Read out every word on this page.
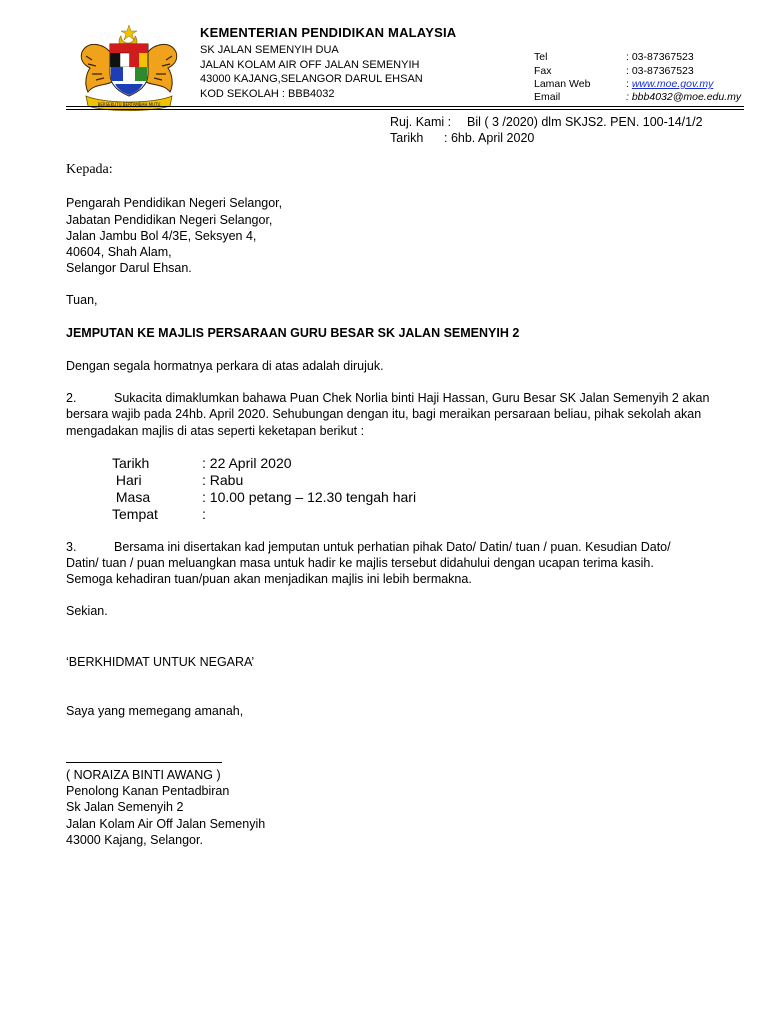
BERSEKUTU BERTAMBAH MUTU
KEMENTERIAN PENDIDIKAN MALAYSIA
SK JALAN SEMENYIH DUA
JALAN KOLAM AIR OFF JALAN SEMENYIH
43000 KAJANG,SELANGOR DARUL EHSAN
KOD SEKOLAH : BBB4032
Tel	: 03-87367523
Fax	: 03-87367523
Laman Web	: www.moe.gov.my
Email	: bbb4032@moe.edu.my
Ruj. Kami : Bil ( 3 /2020) dlm SKJS2. PEN. 100-14/1/2
Tarikh : 6hb. April 2020
Kepada:
Pengarah Pendidikan Negeri Selangor,
Jabatan Pendidikan Negeri Selangor,
Jalan Jambu Bol 4/3E, Seksyen 4,
40604, Shah Alam,
Selangor Darul Ehsan.
Tuan,
JEMPUTAN KE MAJLIS PERSARAAN GURU BESAR SK JALAN SEMENYIH 2
Dengan segala hormatnya perkara di atas adalah dirujuk.
2.	Sukacita dimaklumkan bahawa Puan Chek Norlia binti Haji Hassan, Guru Besar SK Jalan Semenyih 2 akan
bersara wajib pada 24hb. April 2020. Sehubungan dengan itu, bagi meraikan persaraan beliau, pihak sekolah akan
mengadakan majlis di atas seperti keketapan berikut :
Tarikh	: 22 April 2020
Hari	: Rabu
Masa	: 10.00 petang – 12.30 tengah hari
Tempat	:
3.	Bersama ini disertakan kad jemputan untuk perhatian pihak Dato/ Datin/ tuan / puan. Kesudian Dato/
Datin/ tuan / puan meluangkan masa untuk hadir ke majlis tersebut didahului dengan ucapan terima kasih.
Semoga kehadiran tuan/puan akan menjadikan majlis ini lebih bermakna.
Sekian.
‘BERKHIDMAT UNTUK NEGARA’
Saya yang memegang amanah,
( NORAIZA BINTI AWANG )
Penolong Kanan Pentadbiran
Sk Jalan Semenyih 2
Jalan Kolam Air Off Jalan Semenyih
43000 Kajang, Selangor.
